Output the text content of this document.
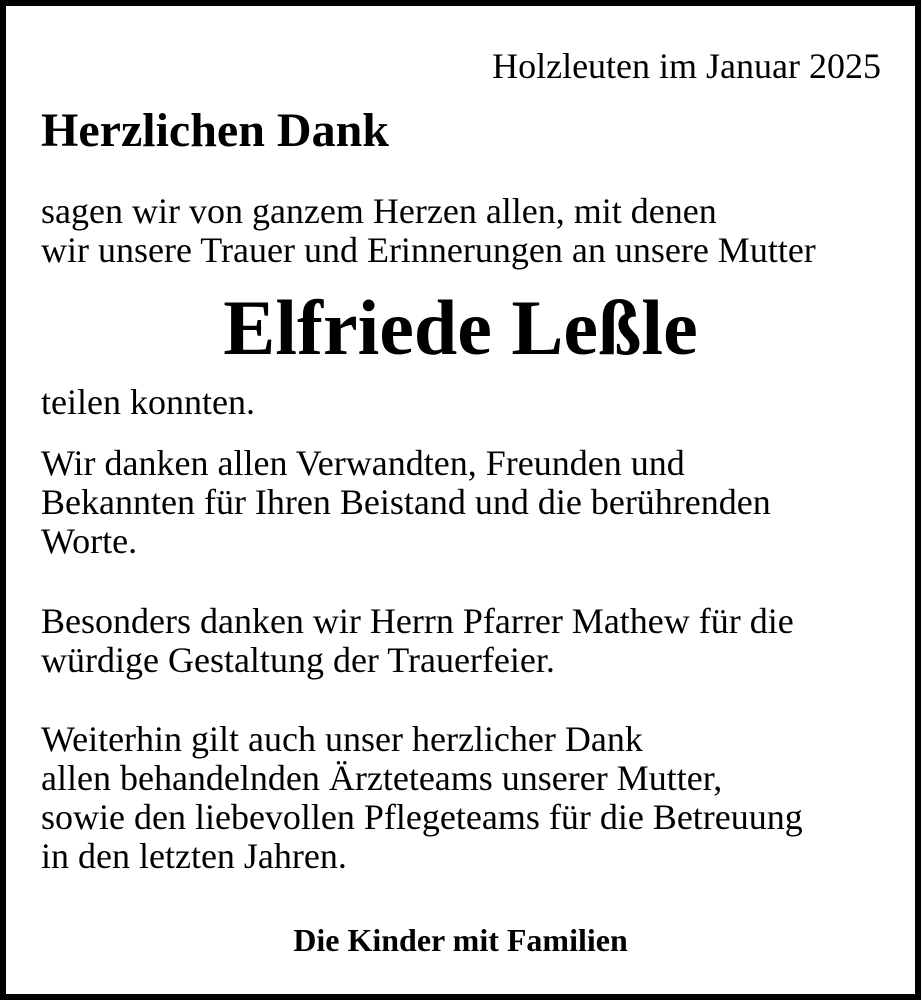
Holzleuten im Januar 2025
Herzlichen Dank
sagen wir von ganzem Herzen allen, mit denen
wir unsere Trauer und Erinnerungen an unsere Mutter
Elfriede Leßle
teilen konnten.
Wir danken allen Verwandten, Freunden und
Bekannten für Ihren Beistand und die berührenden
Worte.
Besonders danken wir Herrn Pfarrer Mathew für die
würdige Gestaltung der Trauerfeier.
Weiterhin gilt auch unser herzlicher Dank
allen behandelnden Ärzteteams unserer Mutter,
sowie den liebevollen Pflegeteams für die Betreuung
in den letzten Jahren.
Die Kinder mit Familien
